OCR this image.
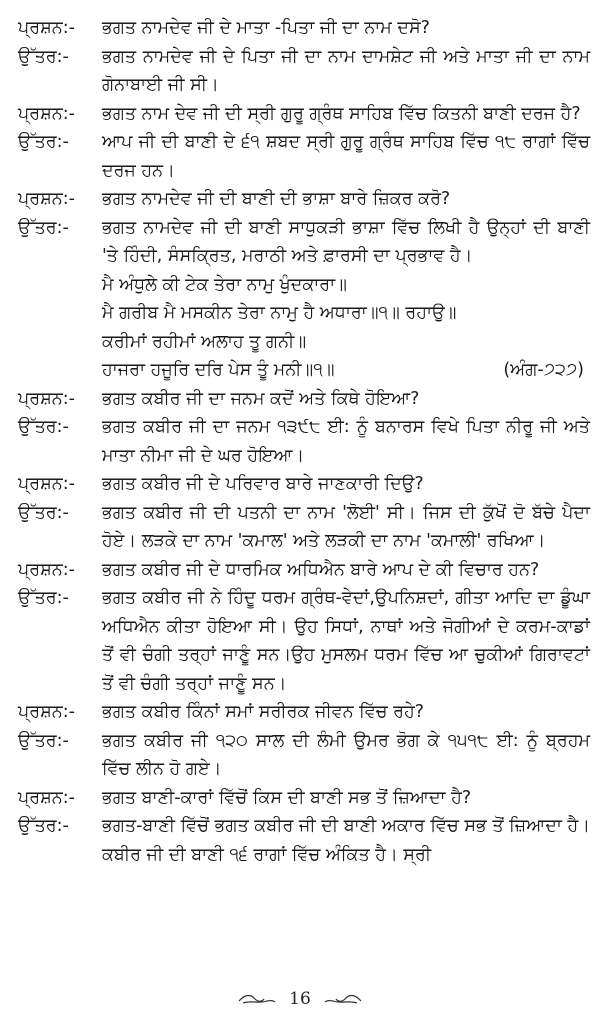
ਪ੍ਰਸ਼ਨ:-	ਭਗਤ ਨਾਮਦੇਵ ਜੀ ਦੇ ਮਾਤਾ -ਪਿਤਾ ਜੀ ਦਾ ਨਾਮ ਦਸੋ?
ਉੱਤਰ:-	ਭਗਤ ਨਾਮਦੇਵ ਜੀ ਦੇ ਪਿਤਾ ਜੀ ਦਾ ਨਾਮ ਦਾਮਸ਼ੇਟ ਜੀ ਅਤੇ ਮਾਤਾ ਜੀ ਦਾ ਨਾਮ ਗੋਨਾਬਾਈ ਜੀ ਸੀ।
ਪ੍ਰਸ਼ਨ:-	ਭਗਤ ਨਾਮ ਦੇਵ ਜੀ ਦੀ ਸ੍ਰੀ ਗੁਰੂ ਗ੍ਰੰਥ ਸਾਹਿਬ ਵਿੱਚ ਕਿਤਨੀ ਬਾਣੀ ਦਰਜ ਹੈ?
ਉੱਤਰ:-	ਆਪ ਜੀ ਦੀ ਬਾਣੀ ਦੇ ੬੧ ਸ਼ਬਦ ਸ੍ਰੀ ਗੁਰੂ ਗ੍ਰੰਥ ਸਾਹਿਬ ਵਿੱਚ ੧੮ ਰਾਗਾਂ ਵਿੱਚ ਦਰਜ ਹਨ।
ਪ੍ਰਸ਼ਨ:-	ਭਗਤ ਨਾਮਦੇਵ ਜੀ ਦੀ ਬਾਣੀ ਦੀ ਭਾਸ਼ਾ ਬਾਰੇ ਜ਼ਿਕਰ ਕਰੋ?
ਉੱਤਰ:-	ਭਗਤ ਨਾਮਦੇਵ ਜੀ ਦੀ ਬਾਣੀ ਸਾਧੁਕੜੀ ਭਾਸ਼ਾ ਵਿੱਚ ਲਿਖੀ ਹੈ ਉਨ੍ਹਾਂ ਦੀ ਬਾਣੀ 'ਤੇ ਹਿੰਦੀ, ਸੰਸਕ੍ਰਿਤ, ਮਰਾਠੀ ਅਤੇ ਫ਼ਾਰਸੀ ਦਾ ਪ੍ਰਭਾਵ ਹੈ।
ਮੈ ਅੰਧੁਲੇ ਕੀ ਟੇਕ ਤੇਰਾ ਨਾਮੁ ਖੁੰਦਕਾਰਾ॥
ਮੈ ਗਰੀਬ ਮੈ ਮਸਕੀਨ ਤੇਰਾ ਨਾਮੁ ਹੈ ਅਧਾਰਾ॥੧॥ ਰਹਾਉ॥
ਕਰੀਮਾਂ ਰਹੀਮਾਂ ਅਲਾਹ ਤੂ ਗਨੀ॥
ਹਾਜਰਾ ਹਜੂਰਿ ਦਰਿ ਪੇਸ ਤੂੰ ਮਨੀ॥੧॥	(ਅੰਗ-੭੨੭)
ਪ੍ਰਸ਼ਨ:-	ਭਗਤ ਕਬੀਰ ਜੀ ਦਾ ਜਨਮ ਕਦੋਂ ਅਤੇ ਕਿਥੇ ਹੋਇਆ?
ਉੱਤਰ:-	ਭਗਤ ਕਬੀਰ ਜੀ ਦਾ ਜਨਮ ੧੩੯੮ ਈ: ਨੂੰ ਬਨਾਰਸ ਵਿਖੇ ਪਿਤਾ ਨੀਰੂ ਜੀ ਅਤੇ ਮਾਤਾ ਨੀਮਾ ਜੀ ਦੇ ਘਰ ਹੋਇਆ।
ਪ੍ਰਸ਼ਨ:-	ਭਗਤ ਕਬੀਰ ਜੀ ਦੇ ਪਰਿਵਾਰ ਬਾਰੇ ਜਾਣਕਾਰੀ ਦਿਉ?
ਉੱਤਰ:-	ਭਗਤ ਕਬੀਰ ਜੀ ਦੀ ਪਤਨੀ ਦਾ ਨਾਮ 'ਲੋਈ' ਸੀ। ਜਿਸ ਦੀ ਕੁੱਖੋਂ ਦੋ ਬੱਚੇ ਪੈਦਾ ਹੋਏ। ਲੜਕੇ ਦਾ ਨਾਮ 'ਕਮਾਲ' ਅਤੇ ਲੜਕੀ ਦਾ ਨਾਮ 'ਕਮਾਲੀ' ਰਖਿਆ।
ਪ੍ਰਸ਼ਨ:-	ਭਗਤ ਕਬੀਰ ਜੀ ਦੇ ਧਾਰਮਿਕ ਅਧਿਐਨ ਬਾਰੇ ਆਪ ਦੇ ਕੀ ਵਿਚਾਰ ਹਨ?
ਉੱਤਰ:-	ਭਗਤ ਕਬੀਰ ਜੀ ਨੇ ਹਿੰਦੂ ਧਰਮ ਗ੍ਰੰਥ-ਵੇਦਾਂ,ਉਪਨਿਸ਼ਦਾਂ, ਗੀਤਾ ਆਦਿ ਦਾ ਡੂੰਘਾ ਅਧਿਐਨ ਕੀਤਾ ਹੋਇਆ ਸੀ। ਉਹ ਸਿਧਾਂ, ਨਾਥਾਂ ਅਤੇ ਜੋਗੀਆਂ ਦੇ ਕਰਮ-ਕਾਡਾਂ ਤੋਂ ਵੀ ਚੰਗੀ ਤਰ੍ਹਾਂ ਜਾਣੂੰ ਸਨ।ਉਹ ਮੁਸਲਮ ਧਰਮ ਵਿੱਚ ਆ ਚੁਕੀਆਂ ਗਿਰਾਵਟਾਂ ਤੋਂ ਵੀ ਚੰਗੀ ਤਰ੍ਹਾਂ ਜਾਣੂੰ ਸਨ।
ਪ੍ਰਸ਼ਨ:-	ਭਗਤ ਕਬੀਰ ਕਿੰਨਾਂ ਸਮਾਂ ਸਰੀਰਕ ਜੀਵਨ ਵਿੱਚ ਰਹੇ?
ਉੱਤਰ:-	ਭਗਤ ਕਬੀਰ ਜੀ ੧੨੦ ਸਾਲ ਦੀ ਲੰਮੀ ਉਮਰ ਭੋਗ ਕੇ ੧੫੧੮ ਈ: ਨੂੰ ਬ੍ਰਹਮ ਵਿੱਚ ਲੀਨ ਹੋ ਗਏ।
ਪ੍ਰਸ਼ਨ:-	ਭਗਤ ਬਾਣੀ-ਕਾਰਾਂ ਵਿੱਚੋਂ ਕਿਸ ਦੀ ਬਾਣੀ ਸਭ ਤੋਂ ਜ਼ਿਆਦਾ ਹੈ?
ਉੱਤਰ:-	ਭਗਤ-ਬਾਣੀ ਵਿੱਚੋਂ ਭਗਤ ਕਬੀਰ ਜੀ ਦੀ ਬਾਣੀ ਅਕਾਰ ਵਿੱਚ ਸਭ ਤੋਂ ਜ਼ਿਆਦਾ ਹੈ।ਕਬੀਰ ਜੀ ਦੀ ਬਾਣੀ ੧੬ ਰਾਗਾਂ ਵਿੱਚ ਅੰਕਿਤ ਹੈ। ਸ੍ਰੀ
16
